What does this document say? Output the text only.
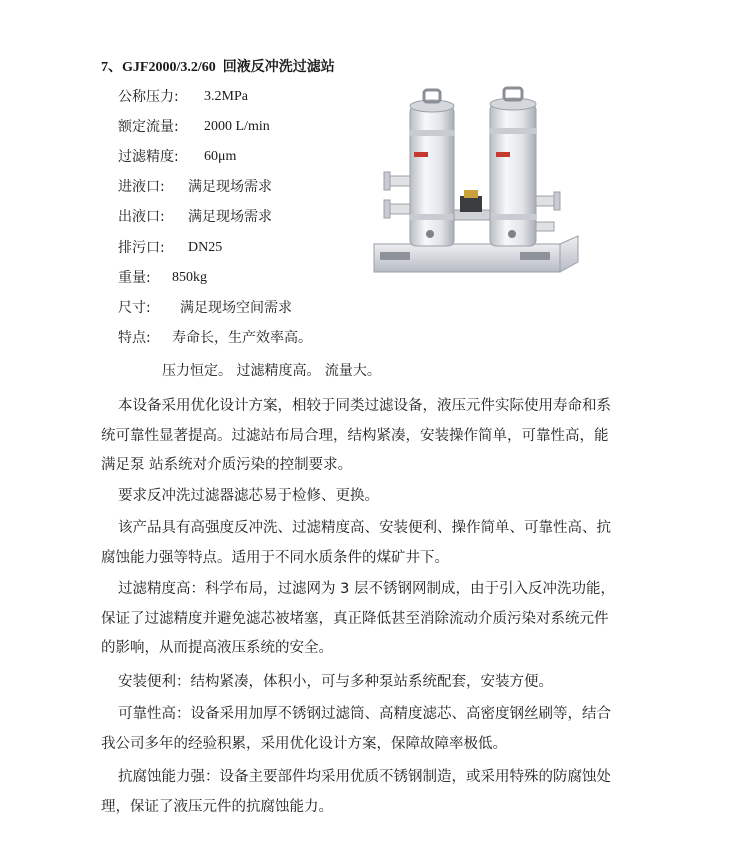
7、GJF2000/3.2/60 回液反冲洗过滤站
公称压力: 3.2MPa
额定流量: 2000 L/min
过滤精度: 60μm
进液口: 满足现场需求
出液口: 满足现场需求
排污口: DN25
重量: 850kg
尺寸: 满足现场空间需求
特点: 寿命长，生产效率高。
压力恒定。 过滤精度高。 流量大。
本设备采用优化设计方案，相较于同类过滤设备，液压元件实际使用寿命和系
统可靠性显著提高。过滤站布局合理，结构紧凑，安装操作简单，可靠性高，能
满足泵 站系统对介质污染的控制要求。
要求反冲洗过滤器滤芯易于检修、更换。
该产品具有高强度反冲洗、过滤精度高、安装便利、操作简单、可靠性高、抗
腐蚀能力强等特点。适用于不同水质条件的煤矿井下。
过滤精度高：科学布局，过滤网为 3 层不锈钢网制成，由于引入反冲洗功能，
保证了过滤精度并避免滤芯被堵塞，真正降低甚至消除流动介质污染对系统元件
的影响，从而提高液压系统的安全。
安装便利：结构紧凑，体积小，可与多种泵站系统配套，安装方便。
可靠性高：设备采用加厚不锈钢过滤筒、高精度滤芯、高密度钢丝刷等，结合
我公司多年的经验积累，采用优化设计方案，保障故障率极低。
抗腐蚀能力强：设备主要部件均采用优质不锈钢制造，或采用特殊的防腐蚀处
理，保证了液压元件的抗腐蚀能力。
